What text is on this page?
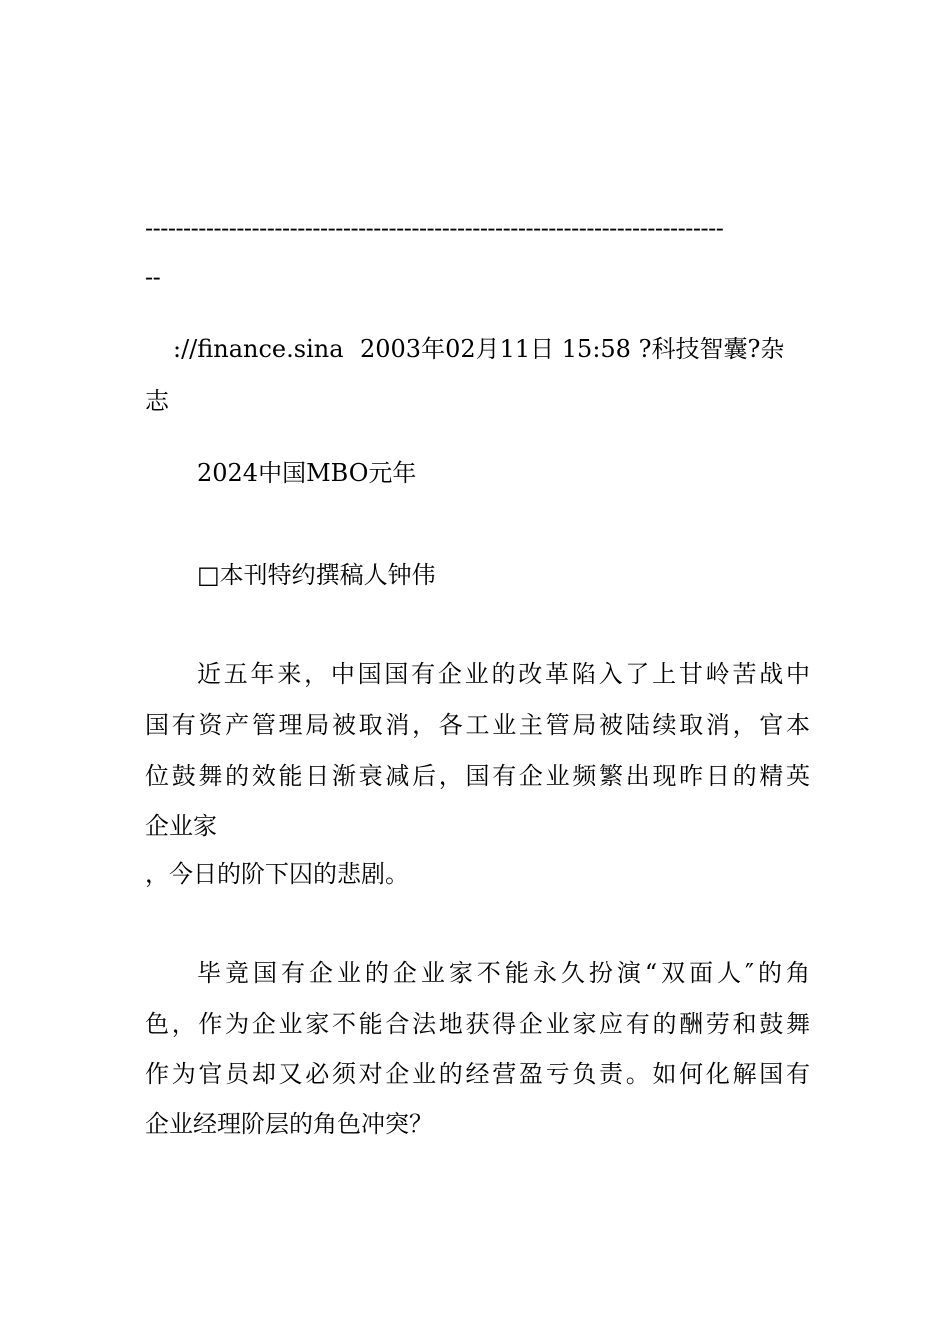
----------------------------------------------------------------------------
--
://finance.sina 2003年02月11日 15:58 ?科技智囊?杂
志
2024中国MBO元年
□本刊特约撰稿人钟伟
近五年来，中国国有企业的改革陷入了上甘岭苦战中
国有资产管理局被取消，各工业主管局被陆续取消，官本
位鼓舞的效能日渐衰减后，国有企业频繁出现昨日的精英
企业家
，今日的阶下囚的悲剧。
毕竟国有企业的企业家不能永久扮演“双面人″的角
色，作为企业家不能合法地获得企业家应有的酬劳和鼓舞
作为官员却又必须对企业的经营盈亏负责。如何化解国有
企业经理阶层的角色冲突？
